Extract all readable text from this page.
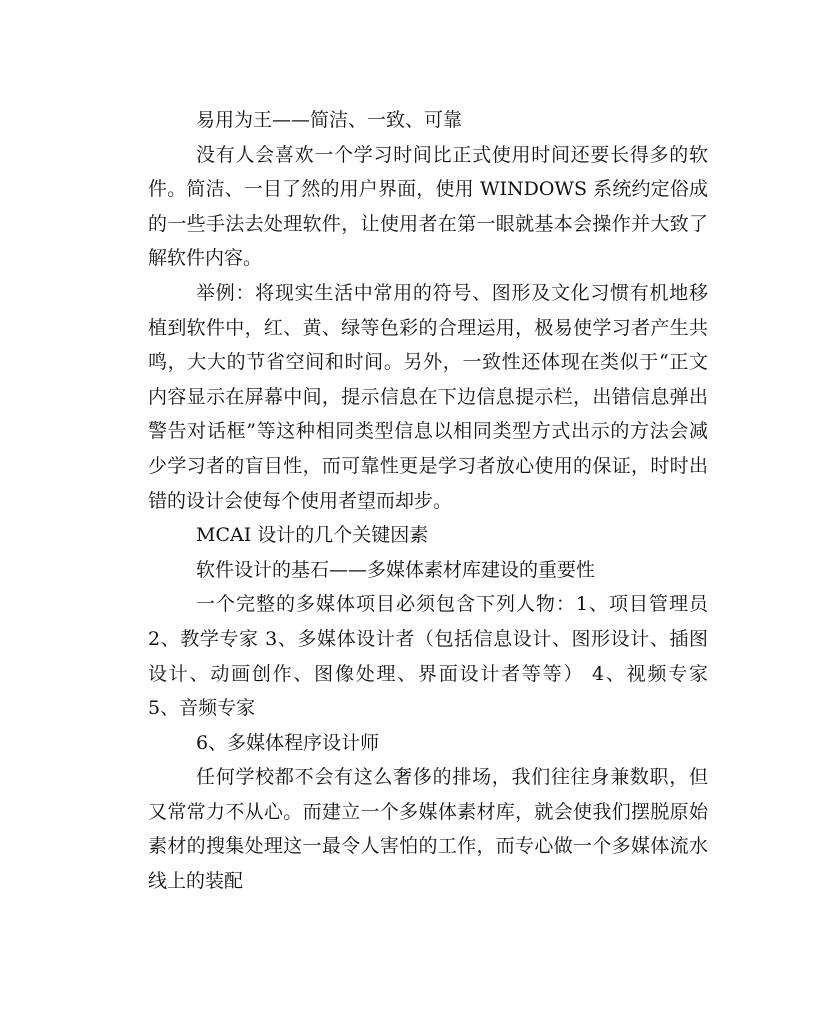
易用为王——简洁、一致、可靠

没有人会喜欢一个学习时间比正式使用时间还要长得多的软件。简洁、一目了然的用户界面，使用 WINDOWS 系统约定俗成的一些手法去处理软件，让使用者在第一眼就基本会操作并大致了解软件内容。

举例：将现实生活中常用的符号、图形及文化习惯有机地移植到软件中，红、黄、绿等色彩的合理运用，极易使学习者产生共鸣，大大的节省空间和时间。另外，一致性还体现在类似于“正文内容显示在屏幕中间，提示信息在下边信息提示栏，出错信息弹出警告对话框”等这种相同类型信息以相同类型方式出示的方法会减少学习者的盲目性，而可靠性更是学习者放心使用的保证，时时出错的设计会使每个使用者望而却步。

MCAI 设计的几个关键因素

软件设计的基石——多媒体素材库建设的重要性

一个完整的多媒体项目必须包含下列人物：1、项目管理员 2、教学专家 3、多媒体设计者（包括信息设计、图形设计、插图设计、动画创作、图像处理、界面设计者等等） 4、视频专家　 5、音频专家

6、多媒体程序设计师

任何学校都不会有这么奢侈的排场，我们往往身兼数职，但又常常力不从心。而建立一个多媒体素材库，就会使我们摆脱原始素材的搜集处理这一最令人害怕的工作，而专心做一个多媒体流水线上的装配
